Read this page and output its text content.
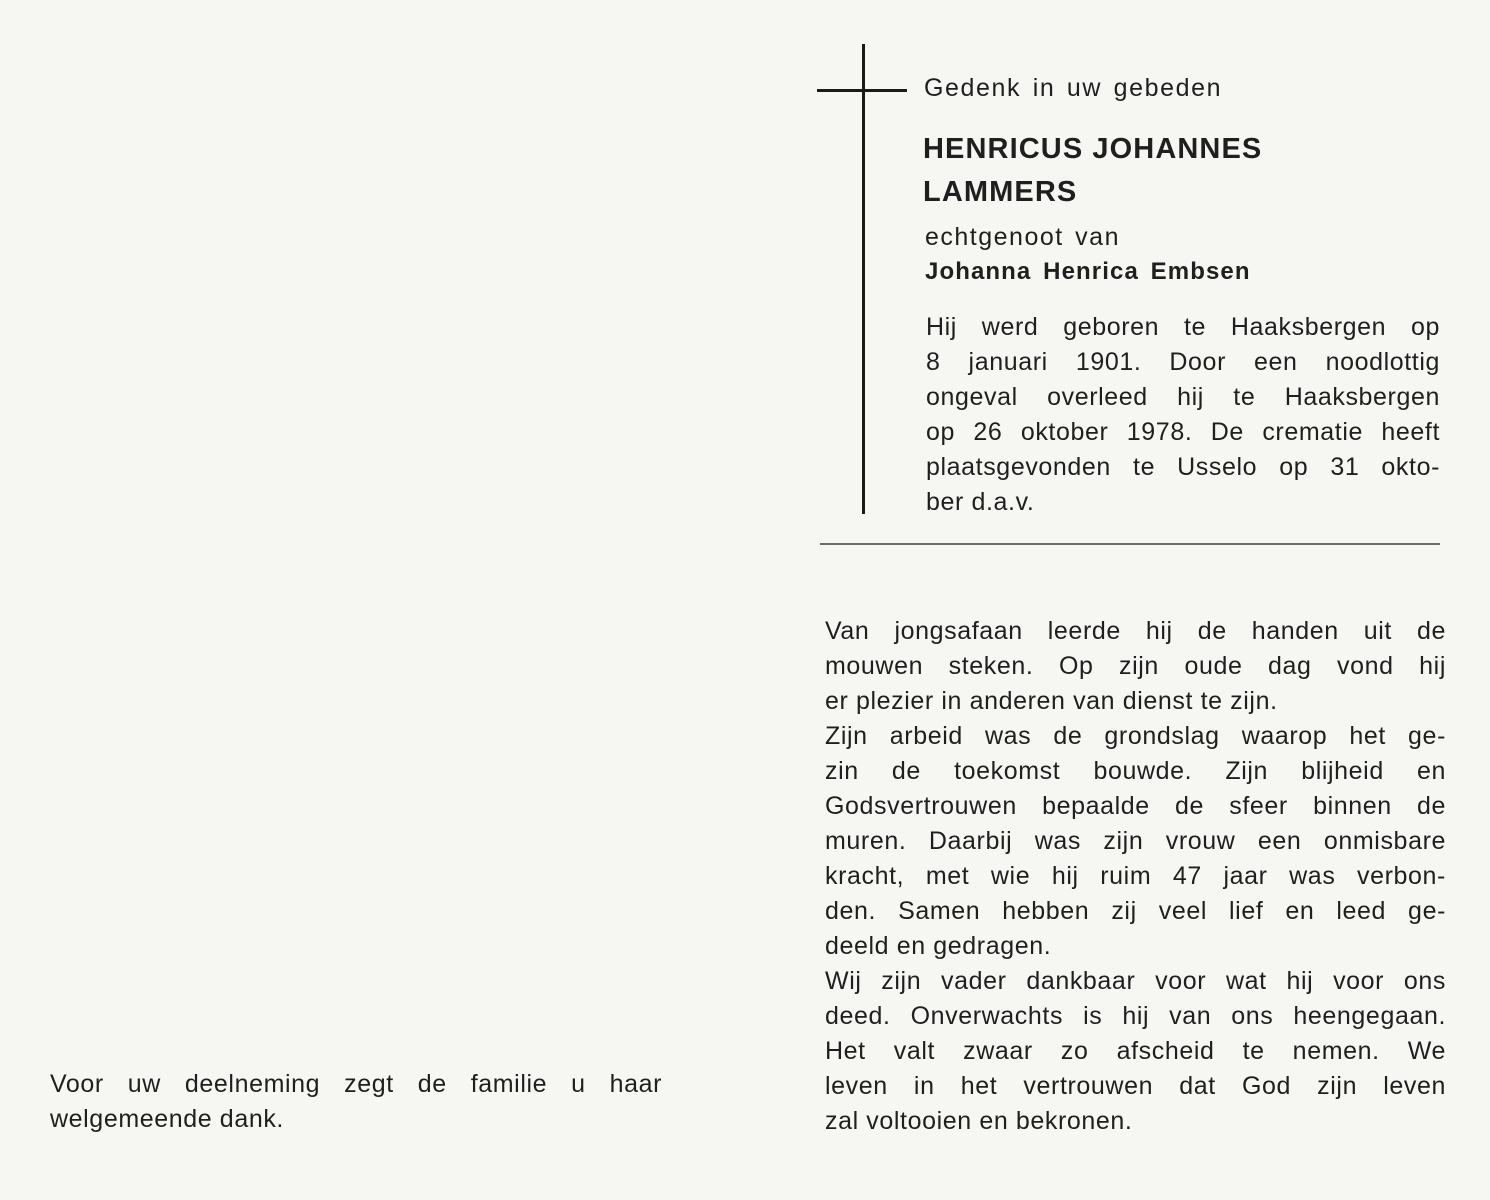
Gedenk in uw gebeden
HENRICUS JOHANNES
LAMMERS
echtgenoot van
Johanna Henrica Embsen
Hij werd geboren te Haaksbergen op
8 januari 1901. Door een noodlottig
ongeval overleed hij te Haaksbergen
op 26 oktober 1978. De crematie heeft
plaatsgevonden te Usselo op 31 okto-
ber d.a.v.
Van jongsafaan leerde hij de handen uit de
mouwen steken. Op zijn oude dag vond hij
er plezier in anderen van dienst te zijn.
Zijn arbeid was de grondslag waarop het ge-
zin de toekomst bouwde. Zijn blijheid en
Godsvertrouwen bepaalde de sfeer binnen de
muren. Daarbij was zijn vrouw een onmisbare
kracht, met wie hij ruim 47 jaar was verbon-
den. Samen hebben zij veel lief en leed ge-
deeld en gedragen.
Wij zijn vader dankbaar voor wat hij voor ons
deed. Onverwachts is hij van ons heengegaan.
Het valt zwaar zo afscheid te nemen. We
leven in het vertrouwen dat God zijn leven
zal voltooien en bekronen.
Voor uw deelneming zegt de familie u haar
welgemeende dank.
